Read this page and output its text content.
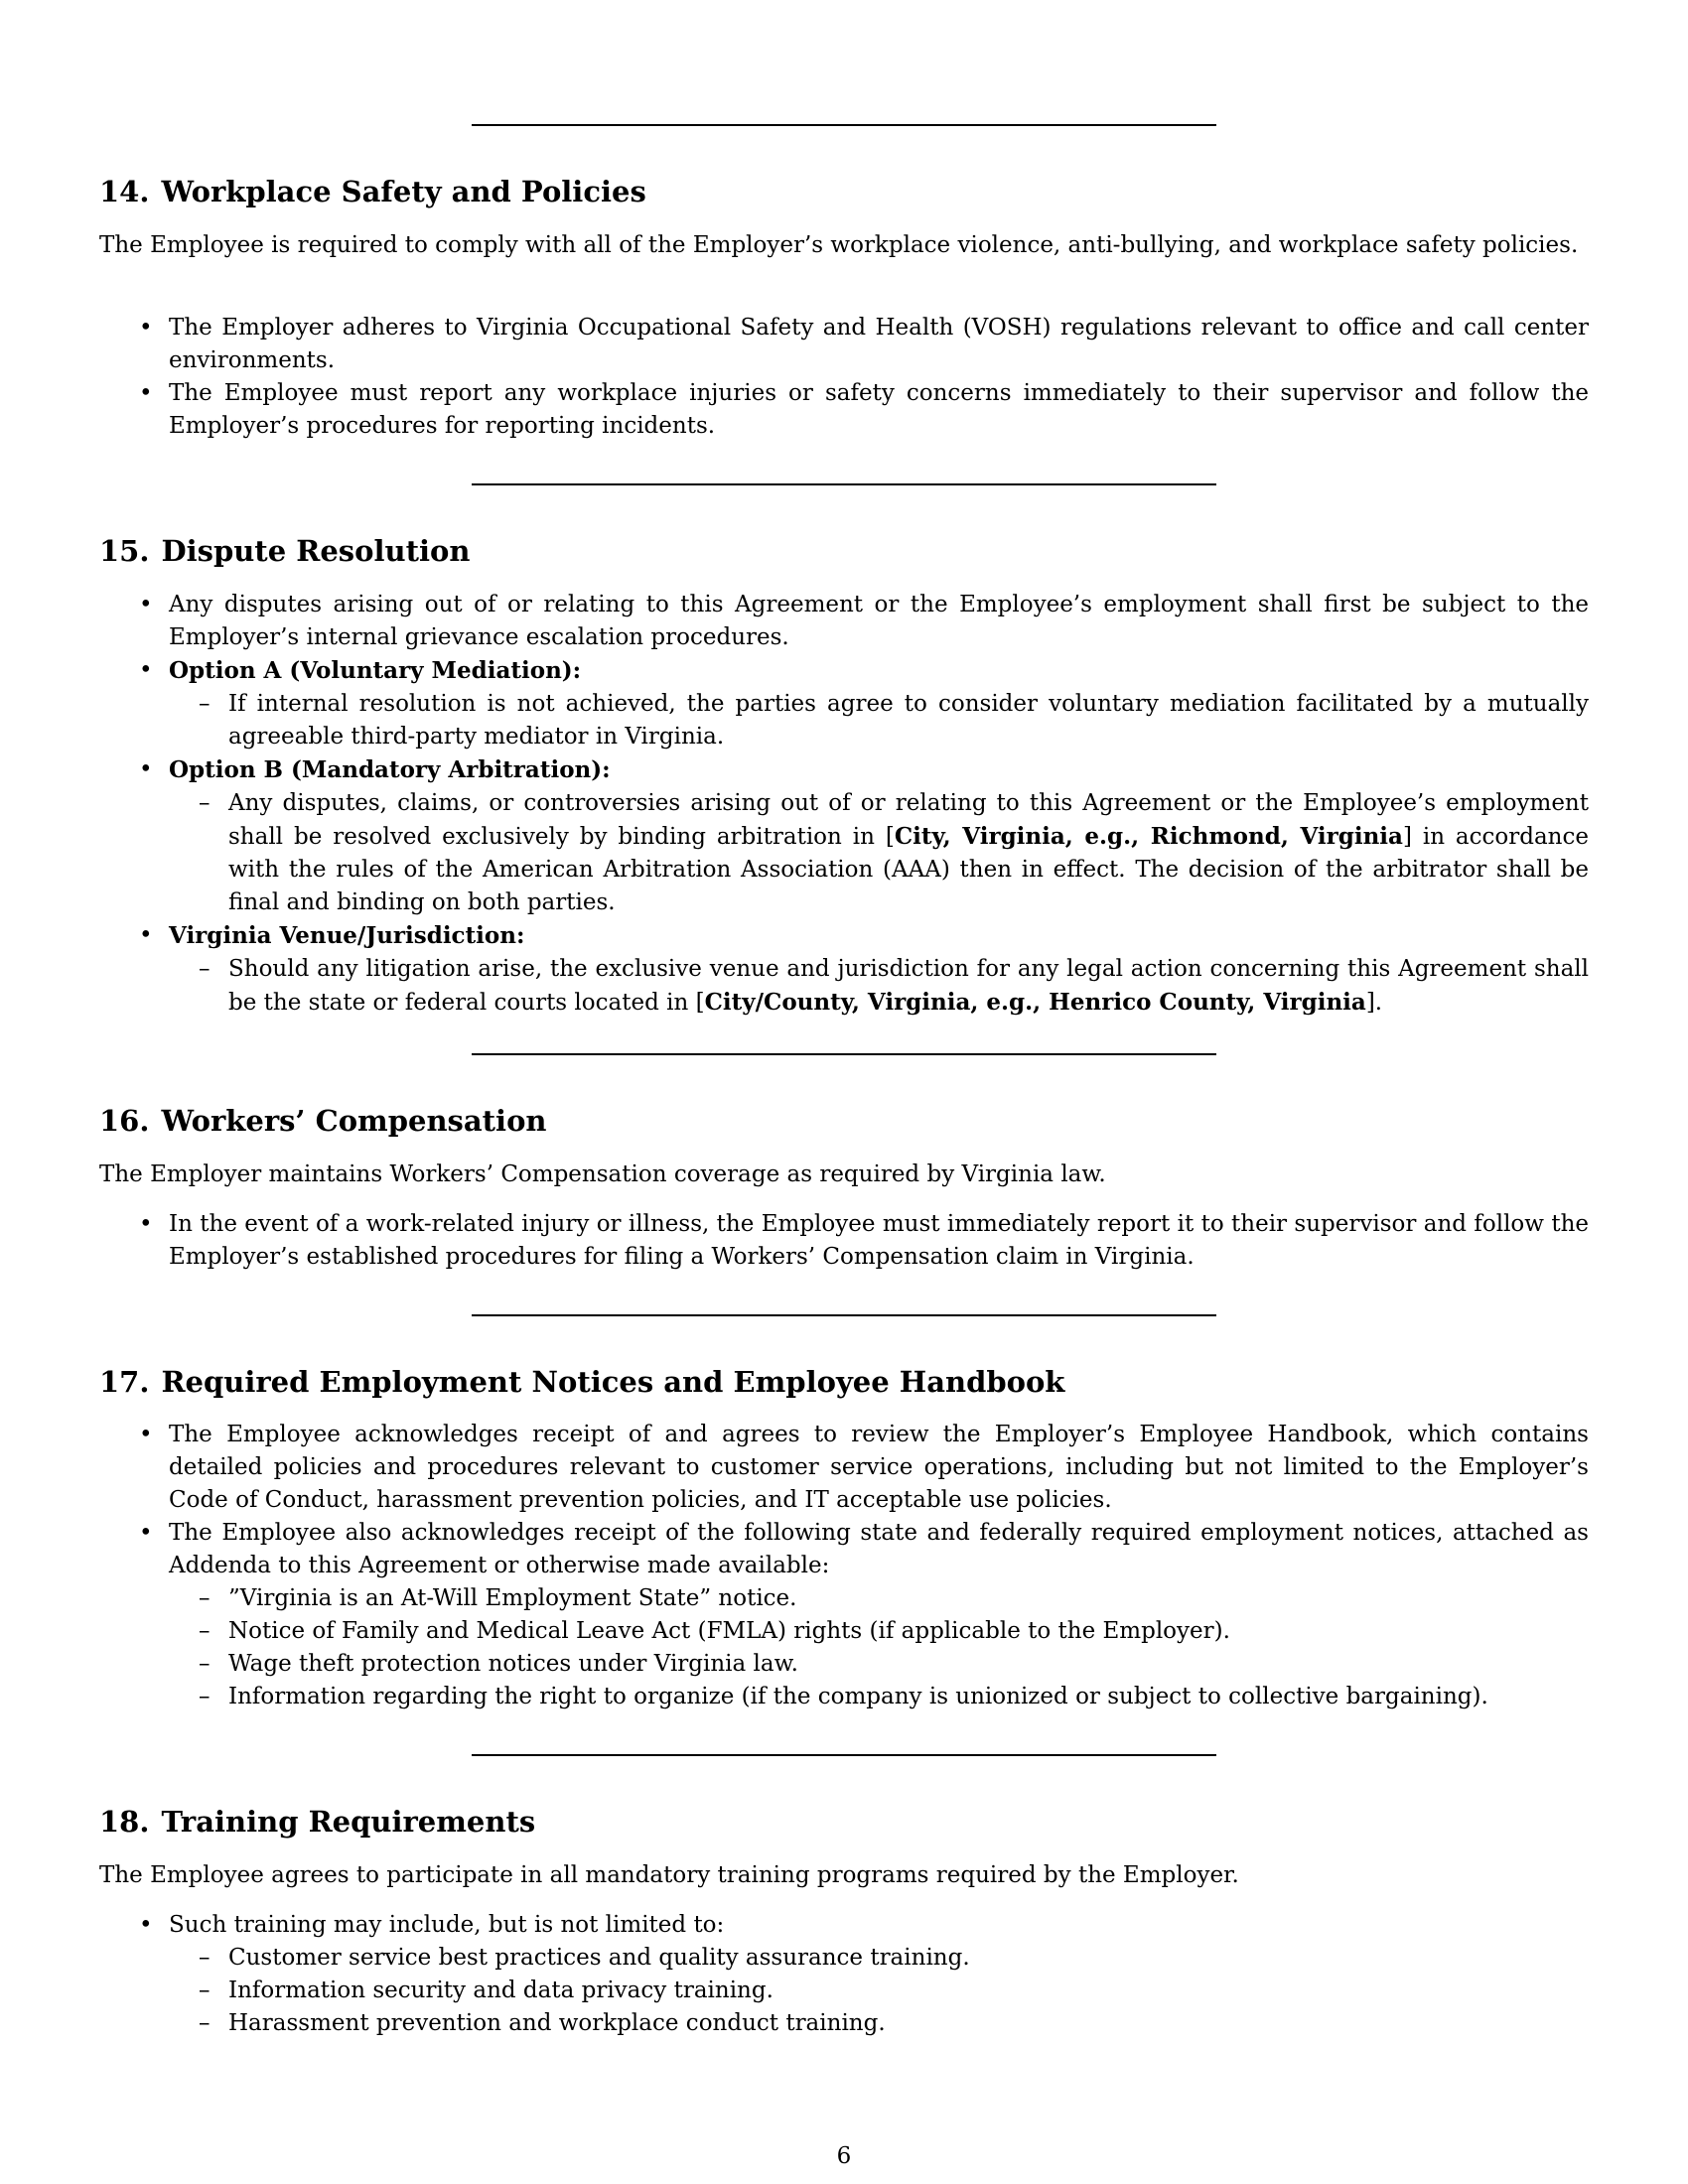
14. Workplace Safety and Policies

The Employee is required to comply with all of the Employer’s workplace violence, anti-bullying, and workplace safety policies.

• The Employer adheres to Virginia Occupational Safety and Health (VOSH) regulations relevant to office and call center environments.
• The Employee must report any workplace injuries or safety concerns immediately to their supervisor and follow the Employer’s procedures for reporting incidents.
15. Dispute Resolution
• Any disputes arising out of or relating to this Agreement or the Employee’s employment shall first be subject to the Employer’s internal grievance escalation procedures.
• Option A (Voluntary Mediation):
– If internal resolution is not achieved, the parties agree to consider voluntary mediation facilitated by a mutually agreeable third-party mediator in Virginia.
• Option B (Mandatory Arbitration):
– Any disputes, claims, or controversies arising out of or relating to this Agreement or the Employee’s employment shall be resolved exclusively by binding arbitration in [City, Virginia, e.g., Richmond, Virginia] in accordance with the rules of the American Arbitration Association (AAA) then in effect. The decision of the arbitrator shall be final and binding on both parties.
• Virginia Venue/Jurisdiction:
– Should any litigation arise, the exclusive venue and jurisdiction for any legal action concerning this Agreement shall be the state or federal courts located in [City/County, Virginia, e.g., Henrico County, Virginia].
16. Workers’ Compensation

The Employer maintains Workers’ Compensation coverage as required by Virginia law.

• In the event of a work-related injury or illness, the Employee must immediately report it to their supervisor and follow the Employer’s established procedures for filing a Workers’ Compensation claim in Virginia.
17. Required Employment Notices and Employee Handbook
• The Employee acknowledges receipt of and agrees to review the Employer’s Employee Handbook, which contains detailed policies and procedures relevant to customer service operations, including but not limited to the Employer’s Code of Conduct, harassment prevention policies, and IT acceptable use policies.
• The Employee also acknowledges receipt of the following state and federally required employment notices, attached as Addenda to this Agreement or otherwise made available:
– ”Virginia is an At-Will Employment State” notice.
– Notice of Family and Medical Leave Act (FMLA) rights (if applicable to the Employer).
– Wage theft protection notices under Virginia law.
– Information regarding the right to organize (if the company is unionized or subject to collective bargaining).
18. Training Requirements

The Employee agrees to participate in all mandatory training programs required by the Employer.

• Such training may include, but is not limited to:
– Customer service best practices and quality assurance training.
– Information security and data privacy training.
– Harassment prevention and workplace conduct training.
6
